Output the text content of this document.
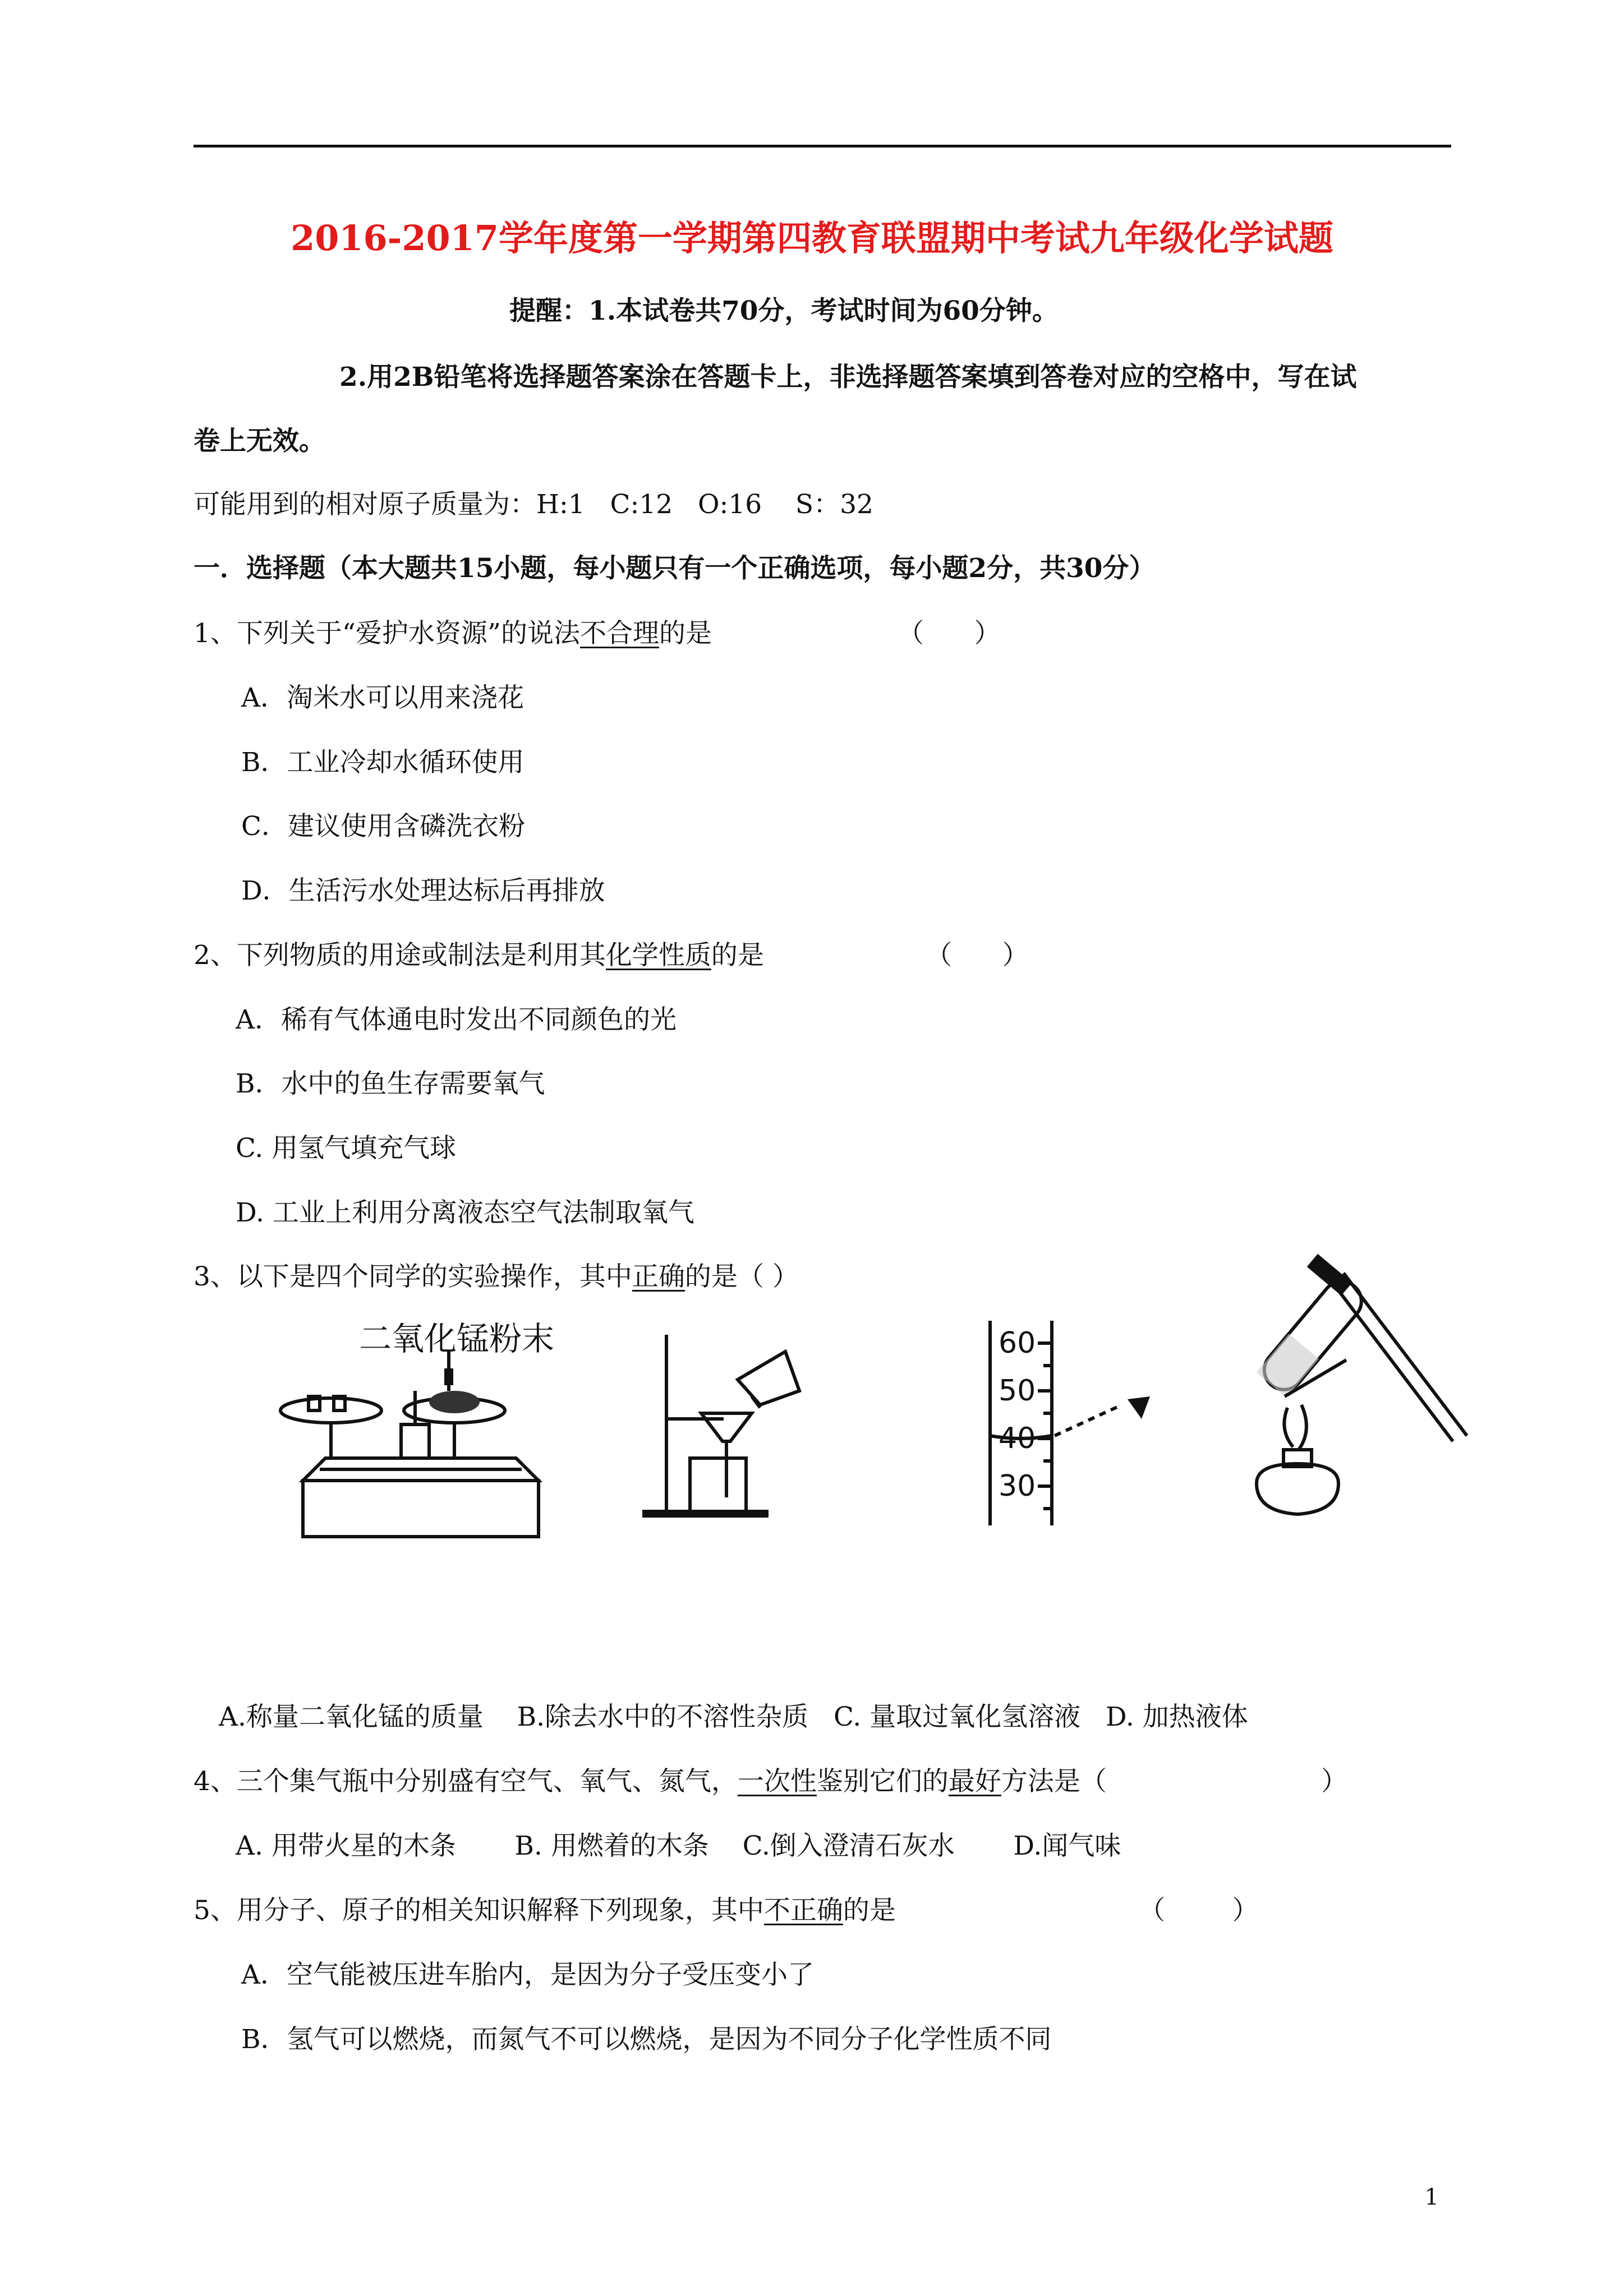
2016-2017学年度第一学期第四教育联盟期中考试九年级化学试题
提醒：1.本试卷共70分，考试时间为60分钟。
2.用2B铅笔将选择题答案涂在答题卡上，非选择题答案填到答卷对应的空格中，写在试
卷上无效。
可能用到的相对原子质量为：H:1   C:12   O:16    S：32
一．选择题（本大题共15小题，每小题只有一个正确选项，每小题2分，共30分）
1、下列关于“爱护水资源”的说法不合理的是	（      ）
A．淘米水可以用来浇花
B．工业冷却水循环使用
C．建议使用含磷洗衣粉
D．生活污水处理达标后再排放
2、下列物质的用途或制法是利用其化学性质的是	（      ）
A．稀有气体通电时发出不同颜色的光
B．水中的鱼生存需要氧气
C. 用氢气填充气球
D. 工业上利用分离液态空气法制取氧气
3、以下是四个同学的实验操作，其中正确的是（ ）
二氧化锰粉末	60
50
40
30
A.称量二氧化锰的质量    B.除去水中的不溶性杂质   C. 量取过氧化氢溶液   D. 加热液体
4、三个集气瓶中分别盛有空气、氧气、氮气，一次性鉴别它们的最好方法是（	）
A. 用带火星的木条       B. 用燃着的木条    C.倒入澄清石灰水       D.闻气味
5、用分子、原子的相关知识解释下列现象，其中不正确的是	（        ）
A．空气能被压进车胎内，是因为分子受压变小了
B．氢气可以燃烧，而氮气不可以燃烧，是因为不同分子化学性质不同
1
